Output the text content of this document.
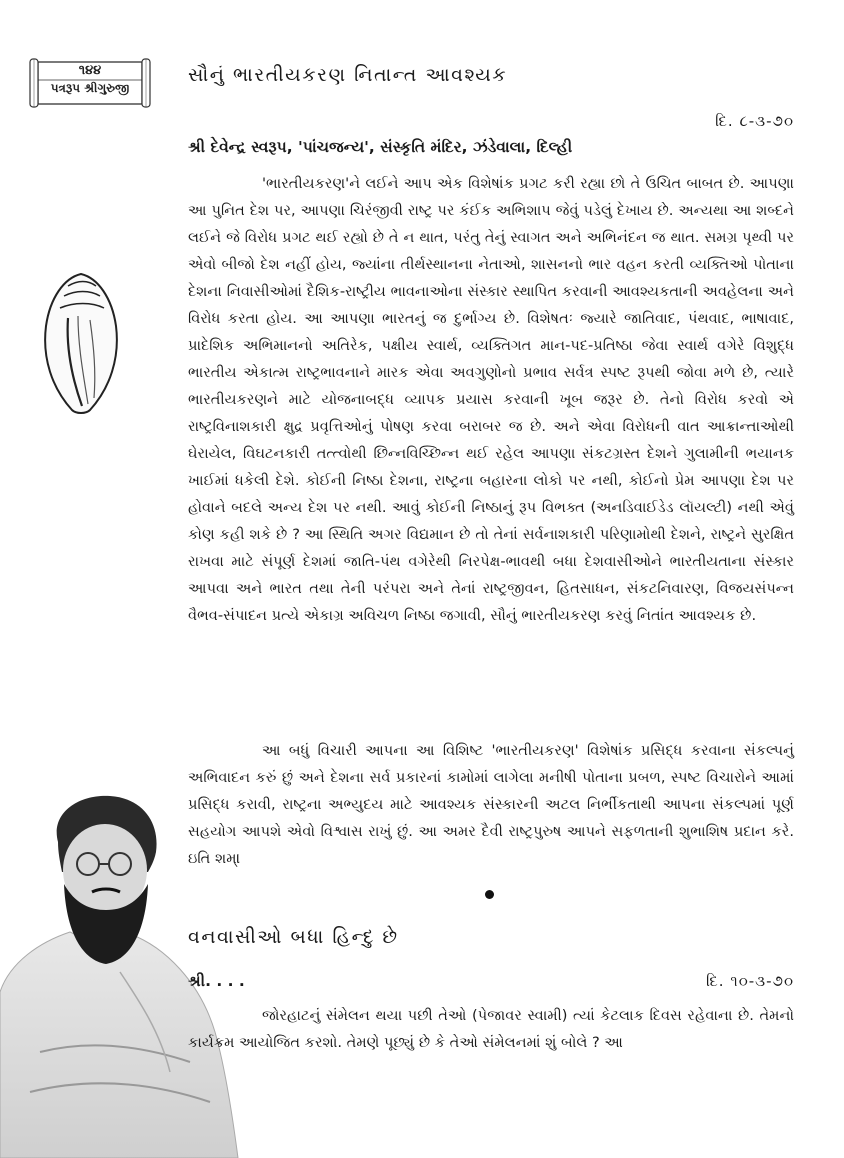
૧૪૪
પત્રરૂપ શ્રીગુરુજી
સૌનું ભારતીયકરણ નિતાન્ત આવશ્યક
દિ. ૮-૩-૭૦
શ્રી દેવેન્દ્ર સ્વરૂપ, 'પાંચજન્ય', સંસ્કૃતિ મંદિર, ઝંડેવાલા, દિલ્હી

'ભારતીયકરણ'ને લઈને આપ એક વિશેષાંક પ્રગટ કરી રહ્યા છો તે ઉચિત બાબત છે. આપણા આ પુનિત દેશ પર, આપણા ચિરંજીવી રાષ્ટ્ર પર કંઈક અભિશાપ જેવું પડેલું દેખાય છે. અન્યથા આ શબ્દને લઈને જે વિરોધ પ્રગટ થઈ રહ્યો છે તે ન થાત, પરંતુ તેનું સ્વાગત અને અભિનંદન જ થાત. સમગ્ર પૃથ્વી પર એવો બીજો દેશ નહીં હોય, જ્યાંના તીર્થસ્થાનના નેતાઓ, શાસનનો ભાર વહન કરતી વ્યક્તિઓ પોતાના દેશના નિવાસીઓમાં દૈશિક-રાષ્ટ્રીય ભાવનાઓના સંસ્કાર સ્થાપિત કરવાની આવશ્યકતાની અવહેલના અને વિરોધ કરતા હોય. આ આપણા ભારતનું જ દુર્ભાગ્ય છે. વિશેષતઃ જ્યારે જાતિવાદ, પંથવાદ, ભાષાવાદ, પ્રાદેશિક અભિમાનનો અતિરેક, પક્ષીય સ્વાર્થ, વ્યક્તિગત માન-પદ-પ્રતિષ્ઠા જેવા સ્વાર્થ વગેરે વિશુદ્ધ ભારતીય એકાત્મ રાષ્ટ્રભાવનાને મારક એવા અવગુણોનો પ્રભાવ સર્વત્ર સ્પષ્ટ રૂપથી જોવા મળે છે, ત્યારે ભારતીયકરણને માટે યોજનાબદ્ધ વ્યાપક પ્રયાસ કરવાની ખૂબ જરૂર છે. તેનો વિરોધ કરવો એ રાષ્ટ્રવિનાશકારી ક્ષુદ્ર પ્રવૃત્તિઓનું પોષણ કરવા બરાબર જ છે. અને એવા વિરોધની વાત આક્રાન્તાઓથી ઘેરાયેલ, વિઘટનકારી તત્ત્વોથી છિન્નવિચ્છિન્ન થઈ રહેલ આપણા સંકટગ્રસ્ત દેશને ગુલામીની ભયાનક ખાઈમાં ધકેલી દેશે. કોઈની નિષ્ઠા દેશના, રાષ્ટ્રના બહારના લોકો પર નથી, કોઈનો પ્રેમ આપણા દેશ પર હોવાને બદલે અન્ય દેશ પર નથી. આવું કોઈની નિષ્ઠાનું રૂપ વિભક્ત (અનડિવાઈડેડ લૉયલ્ટી) નથી એવું કોણ કહી શકે છે ? આ સ્થિતિ અગર વિદ્યમાન છે તો તેનાં સર્વનાશકારી પરિણામોથી દેશને, રાષ્ટ્રને સુરક્ષિત રાખવા માટે સંપૂર્ણ દેશમાં જાતિ-પંથ વગેરેથી નિરપેક્ષ-ભાવથી બધા દેશવાસીઓને ભારતીયતાના સંસ્કાર આપવા અને ભારત તથા તેની પરંપરા અને તેનાં રાષ્ટ્રજીવન, હિતસાધન, સંકટનિવારણ, વિજયસંપન્ન વૈભવ-સંપાદન પ્રત્યે એકાગ્ર અવિચળ નિષ્ઠા જગાવી, સૌનું ભારતીયકરણ કરવું નિતાંત આવશ્યક છે.

આ બધું વિચારી આપના આ વિશિષ્ટ 'ભારતીયકરણ' વિશેષાંક પ્રસિદ્ધ કરવાના સંકલ્પનું અભિવાદન કરું છું અને દેશના સર્વ પ્રકારનાં કામોમાં લાગેલા મનીષી પોતાના પ્રબળ, સ્પષ્ટ વિચારોને આમાં પ્રસિદ્ધ કરાવી, રાષ્ટ્રના અભ્યુદય માટે આવશ્યક સંસ્કારની અટલ નિર્ભીકતાથી આપના સંકલ્પમાં પૂર્ણ સહયોગ આપશે એવો વિશ્વાસ રાખું છું. આ અમર દૈવી રાષ્ટ્રપુરુષ આપને સફળતાની શુભાશિષ પ્રદાન કરે. ઇતિ શમ્।

વનવાસીઓ બધા હિન્દુ છે
શ્રી. . . .	દિ. ૧૦-૩-૭૦

જોરહાટનું સંમેલન થયા પછી તેઓ (પેજાવર સ્વામી) ત્યાં કેટલાક દિવસ રહેવાના છે. તેમનો કાર્યક્રમ આયોજિત કરશો. તેમણે પૂછ્યું છે કે તેઓ સંમેલનમાં શું બોલે ? આ
